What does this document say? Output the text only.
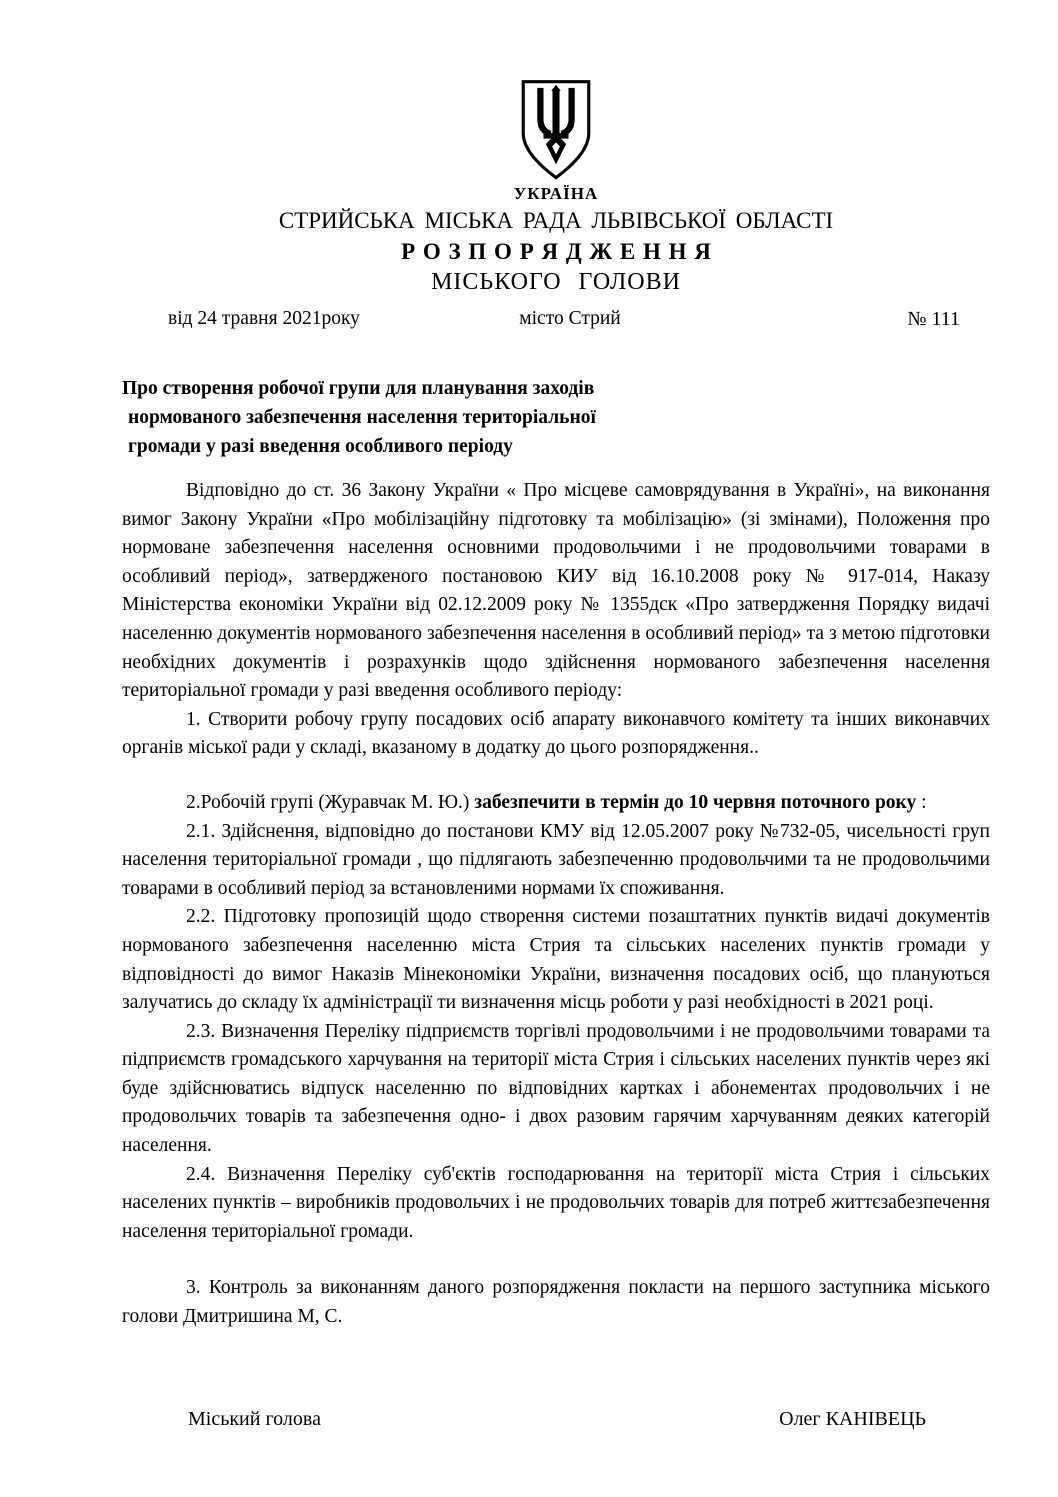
УКРАЇНА
СТРИЙСЬКА МІСЬКА РАДА ЛЬВІВСЬКОЇ ОБЛАСТІ
Р О З П О Р Я Д Ж Е Н Н Я
МІСЬКОГО ГОЛОВИ
від 24 травня 2021року	місто Стрий	№ 111
Про створення робочої групи для планування заходів
нормованого забезпечення населення територіальної
громади у разі введення особливого періоду

Відповідно до ст. 36 Закону України « Про місцеве самоврядування в Україні», на виконання вимог Закону України «Про мобілізаційну підготовку та мобілізацію» (зі змінами), Положення про нормоване забезпечення населення основними продовольчими і не продовольчими товарами в особливий період», затвердженого постановою КИУ від 16.10.2008 року № 917-014, Наказу Міністерства економіки України від 02.12.2009 року № 1355дск «Про затвердження Порядку видачі населенню документів нормованого забезпечення населення в особливий період» та з метою підготовки необхідних документів і розрахунків щодо здійснення нормованого забезпечення населення територіальної громади у разі введення особливого періоду:

1. Створити робочу групу посадових осіб апарату виконавчого комітету та інших виконавчих органів міської ради у складі, вказаному в додатку до цього розпорядження..

2.Робочій групі (Журавчак М. Ю.) забезпечити в термін до 10 червня поточного року :

2.1. Здійснення, відповідно до постанови КМУ від 12.05.2007 року №732-05, чисельності груп населення територіальної громади , що підлягають забезпеченню продовольчими та не продовольчими товарами в особливий період за встановленими нормами їх споживання.

2.2. Підготовку пропозицій щодо створення системи позаштатних пунктів видачі документів нормованого забезпечення населенню міста Стрия та сільських населених пунктів громади у відповідності до вимог Наказів Мінекономіки України, визначення посадових осіб, що плануються залучатись до складу їх адміністрації ти визначення місць роботи у разі необхідності в 2021 році.

2.3. Визначення Переліку підприємств торгівлі продовольчими і не продовольчими товарами та підприємств громадського харчування на території міста Стрия і сільських населених пунктів через які буде здійснюватись відпуск населенню по відповідних картках і абонементах продовольчих і не продовольчих товарів та забезпечення одно- і двох разовим гарячим харчуванням деяких категорій населення.

2.4. Визначення Переліку суб'єктів господарювання на території міста Стрия і сільських населених пунктів – виробників продовольчих і не продовольчих товарів для потреб життєзабезпечення населення територіальної громади.

3. Контроль за виконанням даного розпорядження покласти на першого заступника міського голови Дмитришина М, С.

Міський голова	Олег КАНІВЕЦЬ
